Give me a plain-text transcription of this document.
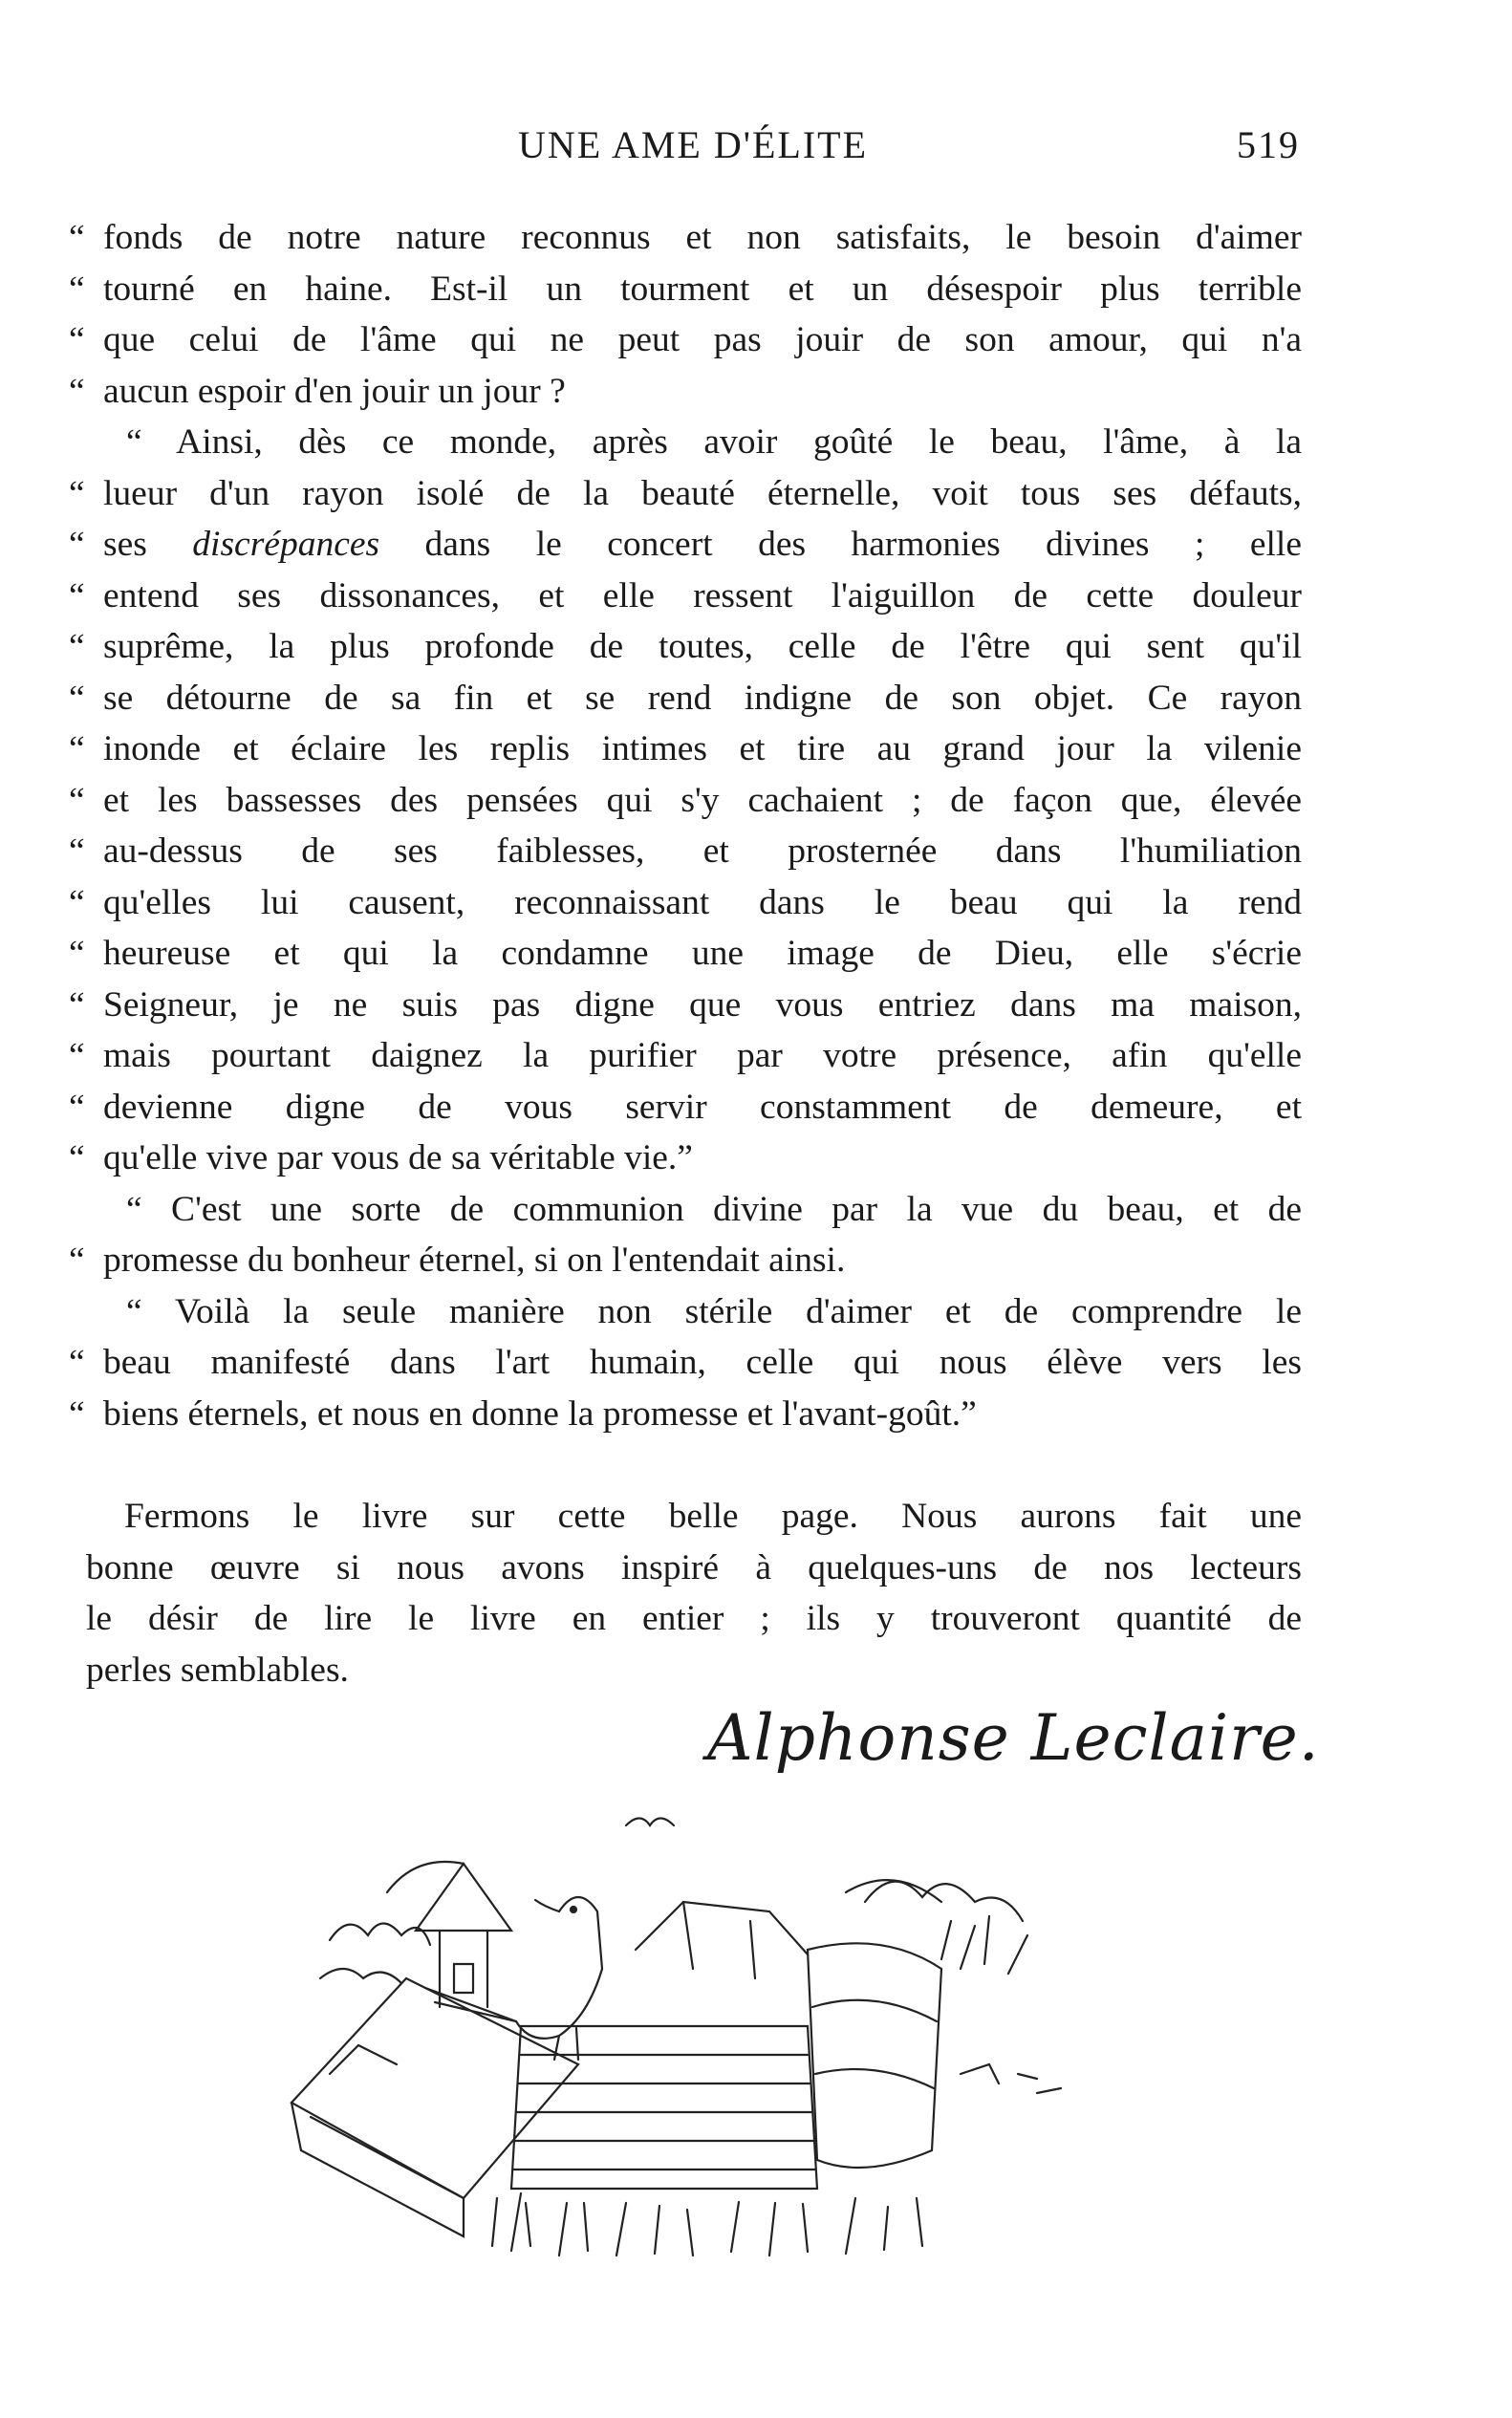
UNE AME D'ÉLITE	519
“ fonds de notre nature reconnus et non satisfaits, le besoin d'aimer
“ tourné en haine. Est-il un tourment et un désespoir plus terrible
“ que celui de l'âme qui ne peut pas jouir de son amour, qui n'a
“ aucun espoir d'en jouir un jour ?
“ Ainsi, dès ce monde, après avoir goûté le beau, l'âme, à la
“ lueur d'un rayon isolé de la beauté éternelle, voit tous ses défauts,
“ ses discrépances dans le concert des harmonies divines ; elle
“ entend ses dissonances, et elle ressent l'aiguillon de cette douleur
“ suprême, la plus profonde de toutes, celle de l'être qui sent qu'il
“ se détourne de sa fin et se rend indigne de son objet. Ce rayon
“ inonde et éclaire les replis intimes et tire au grand jour la vilenie
“ et les bassesses des pensées qui s'y cachaient ; de façon que, élevée
“ au-dessus de ses faiblesses, et prosternée dans l'humiliation
“ qu'elles lui causent, reconnaissant dans le beau qui la rend
“ heureuse et qui la condamne une image de Dieu, elle s'écrie
“ Seigneur, je ne suis pas digne que vous entriez dans ma maison,
“ mais pourtant daignez la purifier par votre présence, afin qu'elle
“ devienne digne de vous servir constamment de demeure, et
“ qu'elle vive par vous de sa véritable vie.”
“ C'est une sorte de communion divine par la vue du beau, et de
“ promesse du bonheur éternel, si on l'entendait ainsi.
“ Voilà la seule manière non stérile d'aimer et de comprendre le
“ beau manifesté dans l'art humain, celle qui nous élève vers les
“ biens éternels, et nous en donne la promesse et l'avant-goût.”
Fermons le livre sur cette belle page. Nous aurons fait une
bonne œuvre si nous avons inspiré à quelques-uns de nos lecteurs
le désir de lire le livre en entier ; ils y trouveront quantité de
perles semblables.
Alphonse Leclaire.
